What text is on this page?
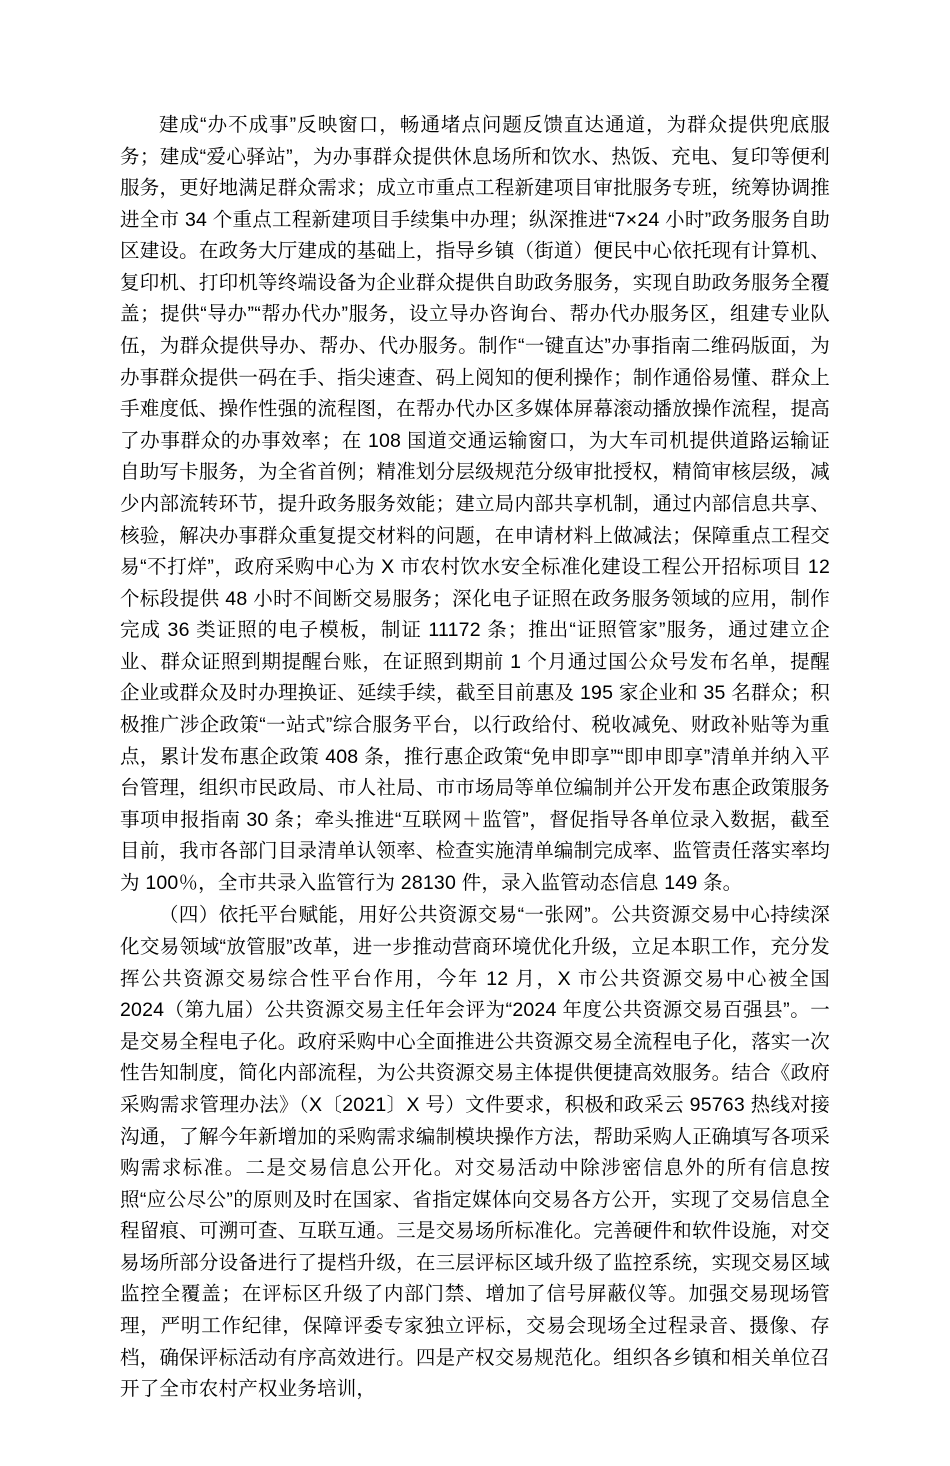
建成“办不成事”反映窗口，畅通堵点问题反馈直达通道，为群众提供兜底服务；建成“爱心驿站”，为办事群众提供休息场所和饮水、热饭、充电、复印等便利服务，更好地满足群众需求；成立市重点工程新建项目审批服务专班，统筹协调推进全市 34 个重点工程新建项目手续集中办理；纵深推进“7×24 小时”政务服务自助区建设。在政务大厅建成的基础上，指导乡镇（街道）便民中心依托现有计算机、复印机、打印机等终端设备为企业群众提供自助政务服务，实现自助政务服务全覆盖；提供“导办”“帮办代办”服务，设立导办咨询台、帮办代办服务区，组建专业队伍，为群众提供导办、帮办、代办服务。制作“一键直达”办事指南二维码版面，为办事群众提供一码在手、指尖速查、码上阅知的便利操作；制作通俗易懂、群众上手难度低、操作性强的流程图，在帮办代办区多媒体屏幕滚动播放操作流程，提高了办事群众的办事效率；在 108 国道交通运输窗口，为大车司机提供道路运输证自助写卡服务，为全省首例；精准划分层级规范分级审批授权，精简审核层级，减少内部流转环节，提升政务服务效能；建立局内部共享机制，通过内部信息共享、核验，解决办事群众重复提交材料的问题，在申请材料上做减法；保障重点工程交易“不打烊”，政府采购中心为 X 市农村饮水安全标准化建设工程公开招标项目 12 个标段提供 48 小时不间断交易服务；深化电子证照在政务服务领域的应用，制作完成 36 类证照的电子模板，制证 11172 条；推出“证照管家”服务，通过建立企业、群众证照到期提醒台账，在证照到期前 1 个月通过国公众号发布名单，提醒企业或群众及时办理换证、延续手续，截至目前惠及 195 家企业和 35 名群众；积极推广涉企政策“一站式”综合服务平台，以行政给付、税收减免、财政补贴等为重点，累计发布惠企政策 408 条，推行惠企政策“免申即享”“即申即享”清单并纳入平台管理，组织市民政局、市人社局、市市场局等单位编制并公开发布惠企政策服务事项申报指南 30 条；牵头推进“互联网＋监管”，督促指导各单位录入数据，截至目前，我市各部门目录清单认领率、检查实施清单编制完成率、监管责任落实率均为 100％，全市共录入监管行为 28130 件，录入监管动态信息 149 条。

（四）依托平台赋能，用好公共资源交易“一张网”。公共资源交易中心持续深化交易领域“放管服”改革，进一步推动营商环境优化升级，立足本职工作，充分发挥公共资源交易综合性平台作用，今年 12 月，X 市公共资源交易中心被全国 2024（第九届）公共资源交易主任年会评为“2024 年度公共资源交易百强县”。一是交易全程电子化。政府采购中心全面推进公共资源交易全流程电子化，落实一次性告知制度，简化内部流程，为公共资源交易主体提供便捷高效服务。结合《政府采购需求管理办法》（X〔2021〕X 号）文件要求，积极和政采云 95763 热线对接沟通，了解今年新增加的采购需求编制模块操作方法，帮助采购人正确填写各项采购需求标准。二是交易信息公开化。对交易活动中除涉密信息外的所有信息按照“应公尽公”的原则及时在国家、省指定媒体向交易各方公开，实现了交易信息全程留痕、可溯可查、互联互通。三是交易场所标准化。完善硬件和软件设施，对交易场所部分设备进行了提档升级，在三层评标区域升级了监控系统，实现交易区域监控全覆盖；在评标区升级了内部门禁、增加了信号屏蔽仪等。加强交易现场管理，严明工作纪律，保障评委专家独立评标，交易会现场全过程录音、摄像、存档，确保评标活动有序高效进行。四是产权交易规范化。组织各乡镇和相关单位召开了全市农村产权业务培训，
